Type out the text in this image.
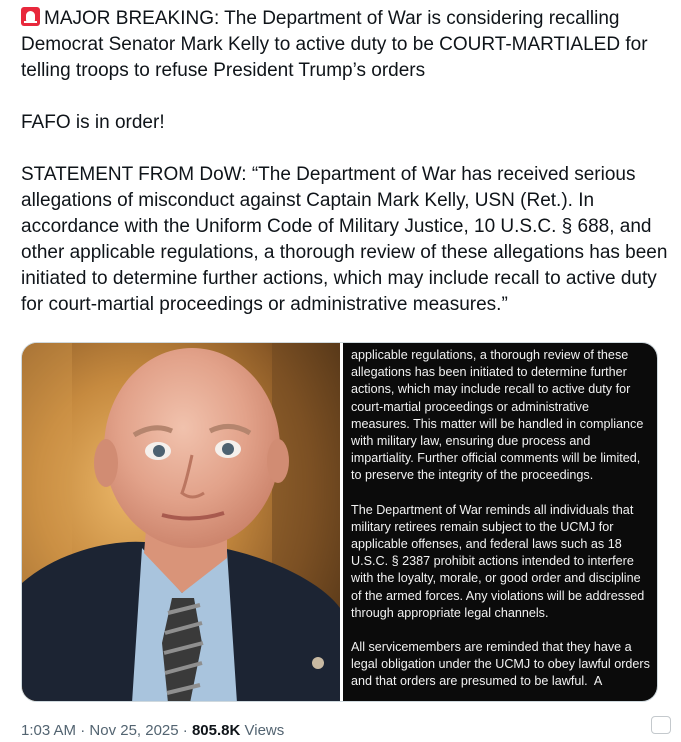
MAJOR BREAKING: The Department of War is considering recalling Democrat Senator Mark Kelly to active duty to be COURT-MARTIALED for telling troops to refuse President Trump’s orders

FAFO is in order!

STATEMENT FROM DoW: “The Department of War has received serious allegations of misconduct against Captain Mark Kelly, USN (Ret.). In accordance with the Uniform Code of Military Justice, 10 U.S.C. § 688, and other applicable regulations, a thorough review of these allegations has been initiated to determine further actions, which may include recall to active duty for court-martial proceedings or administrative measures.”

applicable regulations, a thorough review of these allegations has been initiated to determine further actions, which may include recall to active duty for court-martial proceedings or administrative measures. This matter will be handled in compliance with military law, ensuring due process and impartiality. Further official comments will be limited, to preserve the integrity of the proceedings.

The Department of War reminds all individuals that military retirees remain subject to the UCMJ for applicable offenses, and federal laws such as 18 U.S.C. § 2387 prohibit actions intended to interfere with the loyalty, morale, or good order and discipline of the armed forces. Any violations will be addressed through appropriate legal channels.

All servicemembers are reminded that they have a legal obligation under the UCMJ to obey lawful orders and that orders are presumed to be lawful.  A

1:03 AM · Nov 25, 2025 · 805.8K Views
